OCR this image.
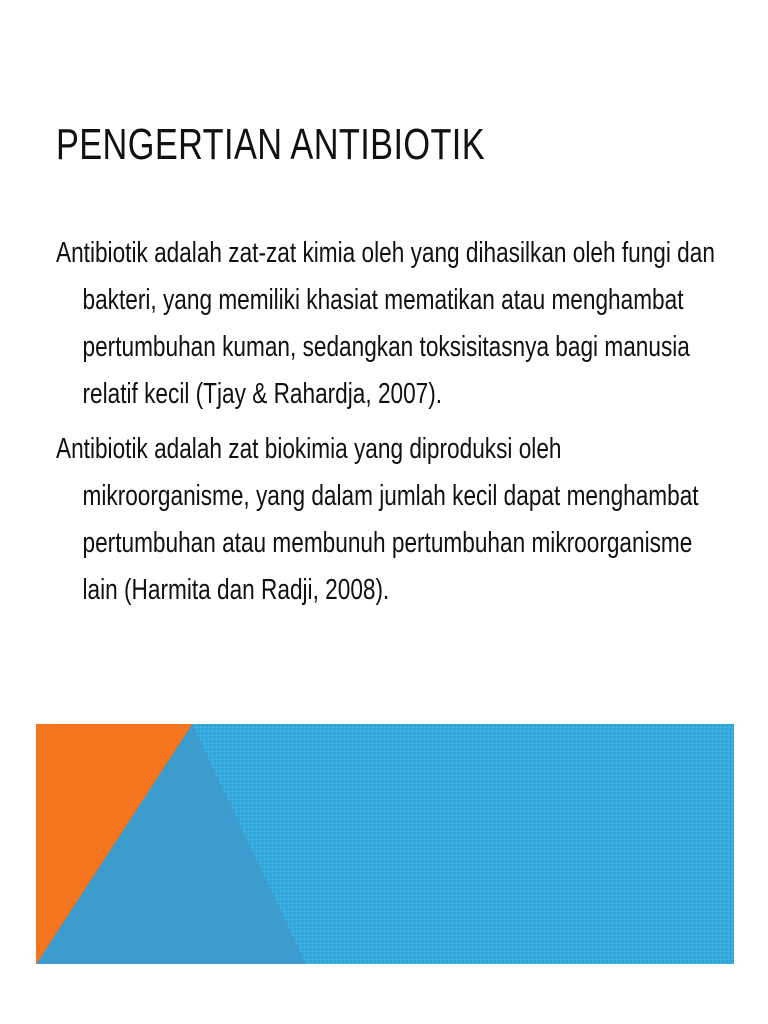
PENGERTIAN ANTIBIOTIK

Antibiotik adalah zat-zat kimia oleh yang dihasilkan oleh fungi dan bakteri, yang memiliki khasiat mematikan atau menghambat pertumbuhan kuman, sedangkan toksisitasnya bagi manusia relatif kecil (Tjay & Rahardja, 2007).

Antibiotik adalah zat biokimia yang diproduksi oleh mikroorganisme, yang dalam jumlah kecil dapat menghambat pertumbuhan atau membunuh pertumbuhan mikroorganisme lain (Harmita dan Radji, 2008).
